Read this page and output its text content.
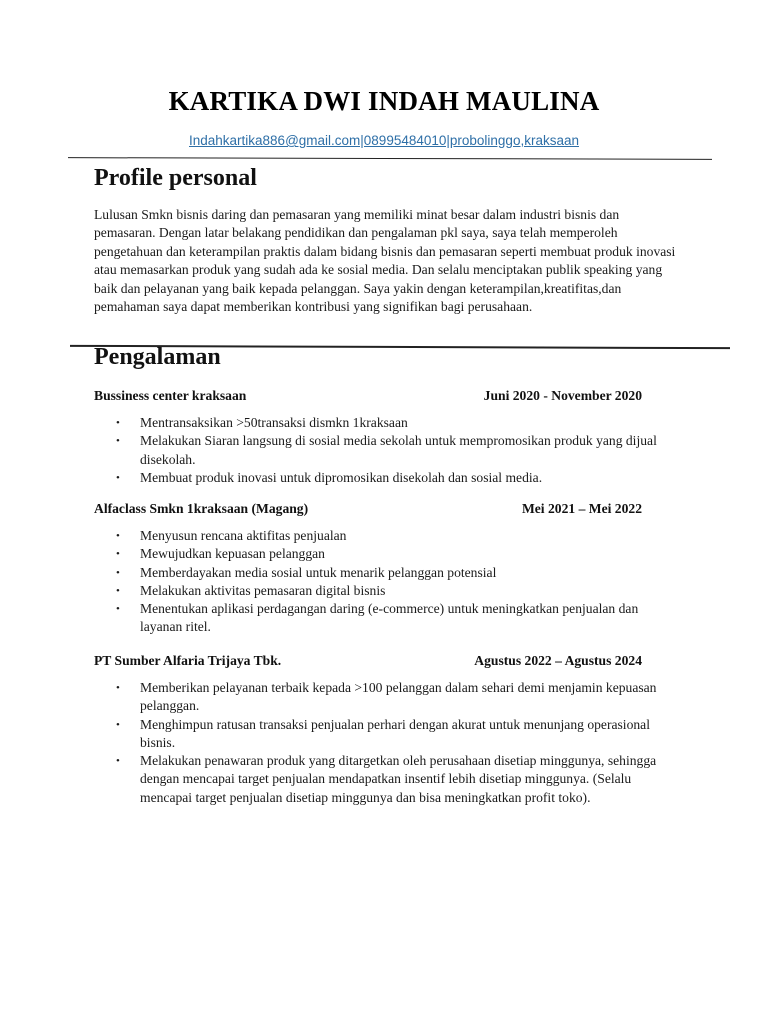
KARTIKA DWI INDAH MAULINA
Indahkartika886@gmail.com|08995484010|probolinggo,kraksaan
Profile personal

Lulusan Smkn bisnis daring dan pemasaran yang memiliki minat besar dalam industri bisnis dan pemasaran. Dengan latar belakang pendidikan dan pengalaman pkl saya, saya telah memperoleh pengetahuan dan keterampilan praktis dalam bidang bisnis dan pemasaran seperti membuat produk inovasi atau memasarkan produk yang sudah ada ke sosial media. Dan selalu menciptakan publik speaking yang baik dan pelayanan yang baik kepada pelanggan. Saya yakin dengan keterampilan,kreatifitas,dan pemahaman saya dapat memberikan kontribusi yang signifikan bagi perusahaan.

Pengalaman
Bussiness center kraksaan	Juni 2020 - November 2020
• Mentransaksikan >50transaksi dismkn 1kraksaan
• Melakukan Siaran langsung di sosial media sekolah untuk mempromosikan produk yang dijual disekolah.
• Membuat produk inovasi untuk dipromosikan disekolah dan sosial media.
Alfaclass Smkn 1kraksaan (Magang)	Mei 2021 – Mei 2022
• Menyusun rencana aktifitas penjualan
• Mewujudkan kepuasan pelanggan
• Memberdayakan media sosial untuk menarik pelanggan potensial
• Melakukan aktivitas pemasaran digital bisnis
• Menentukan aplikasi perdagangan daring (e-commerce) untuk meningkatkan penjualan dan layanan ritel.
PT Sumber Alfaria Trijaya Tbk.	Agustus 2022 – Agustus 2024
• Memberikan pelayanan terbaik kepada >100 pelanggan dalam sehari demi menjamin kepuasan pelanggan.
• Menghimpun ratusan transaksi penjualan perhari dengan akurat untuk menunjang operasional bisnis.
• Melakukan penawaran produk yang ditargetkan oleh perusahaan disetiap minggunya, sehingga dengan mencapai target penjualan mendapatkan insentif lebih disetiap minggunya. (Selalu mencapai target penjualan disetiap minggunya dan bisa meningkatkan profit toko).
